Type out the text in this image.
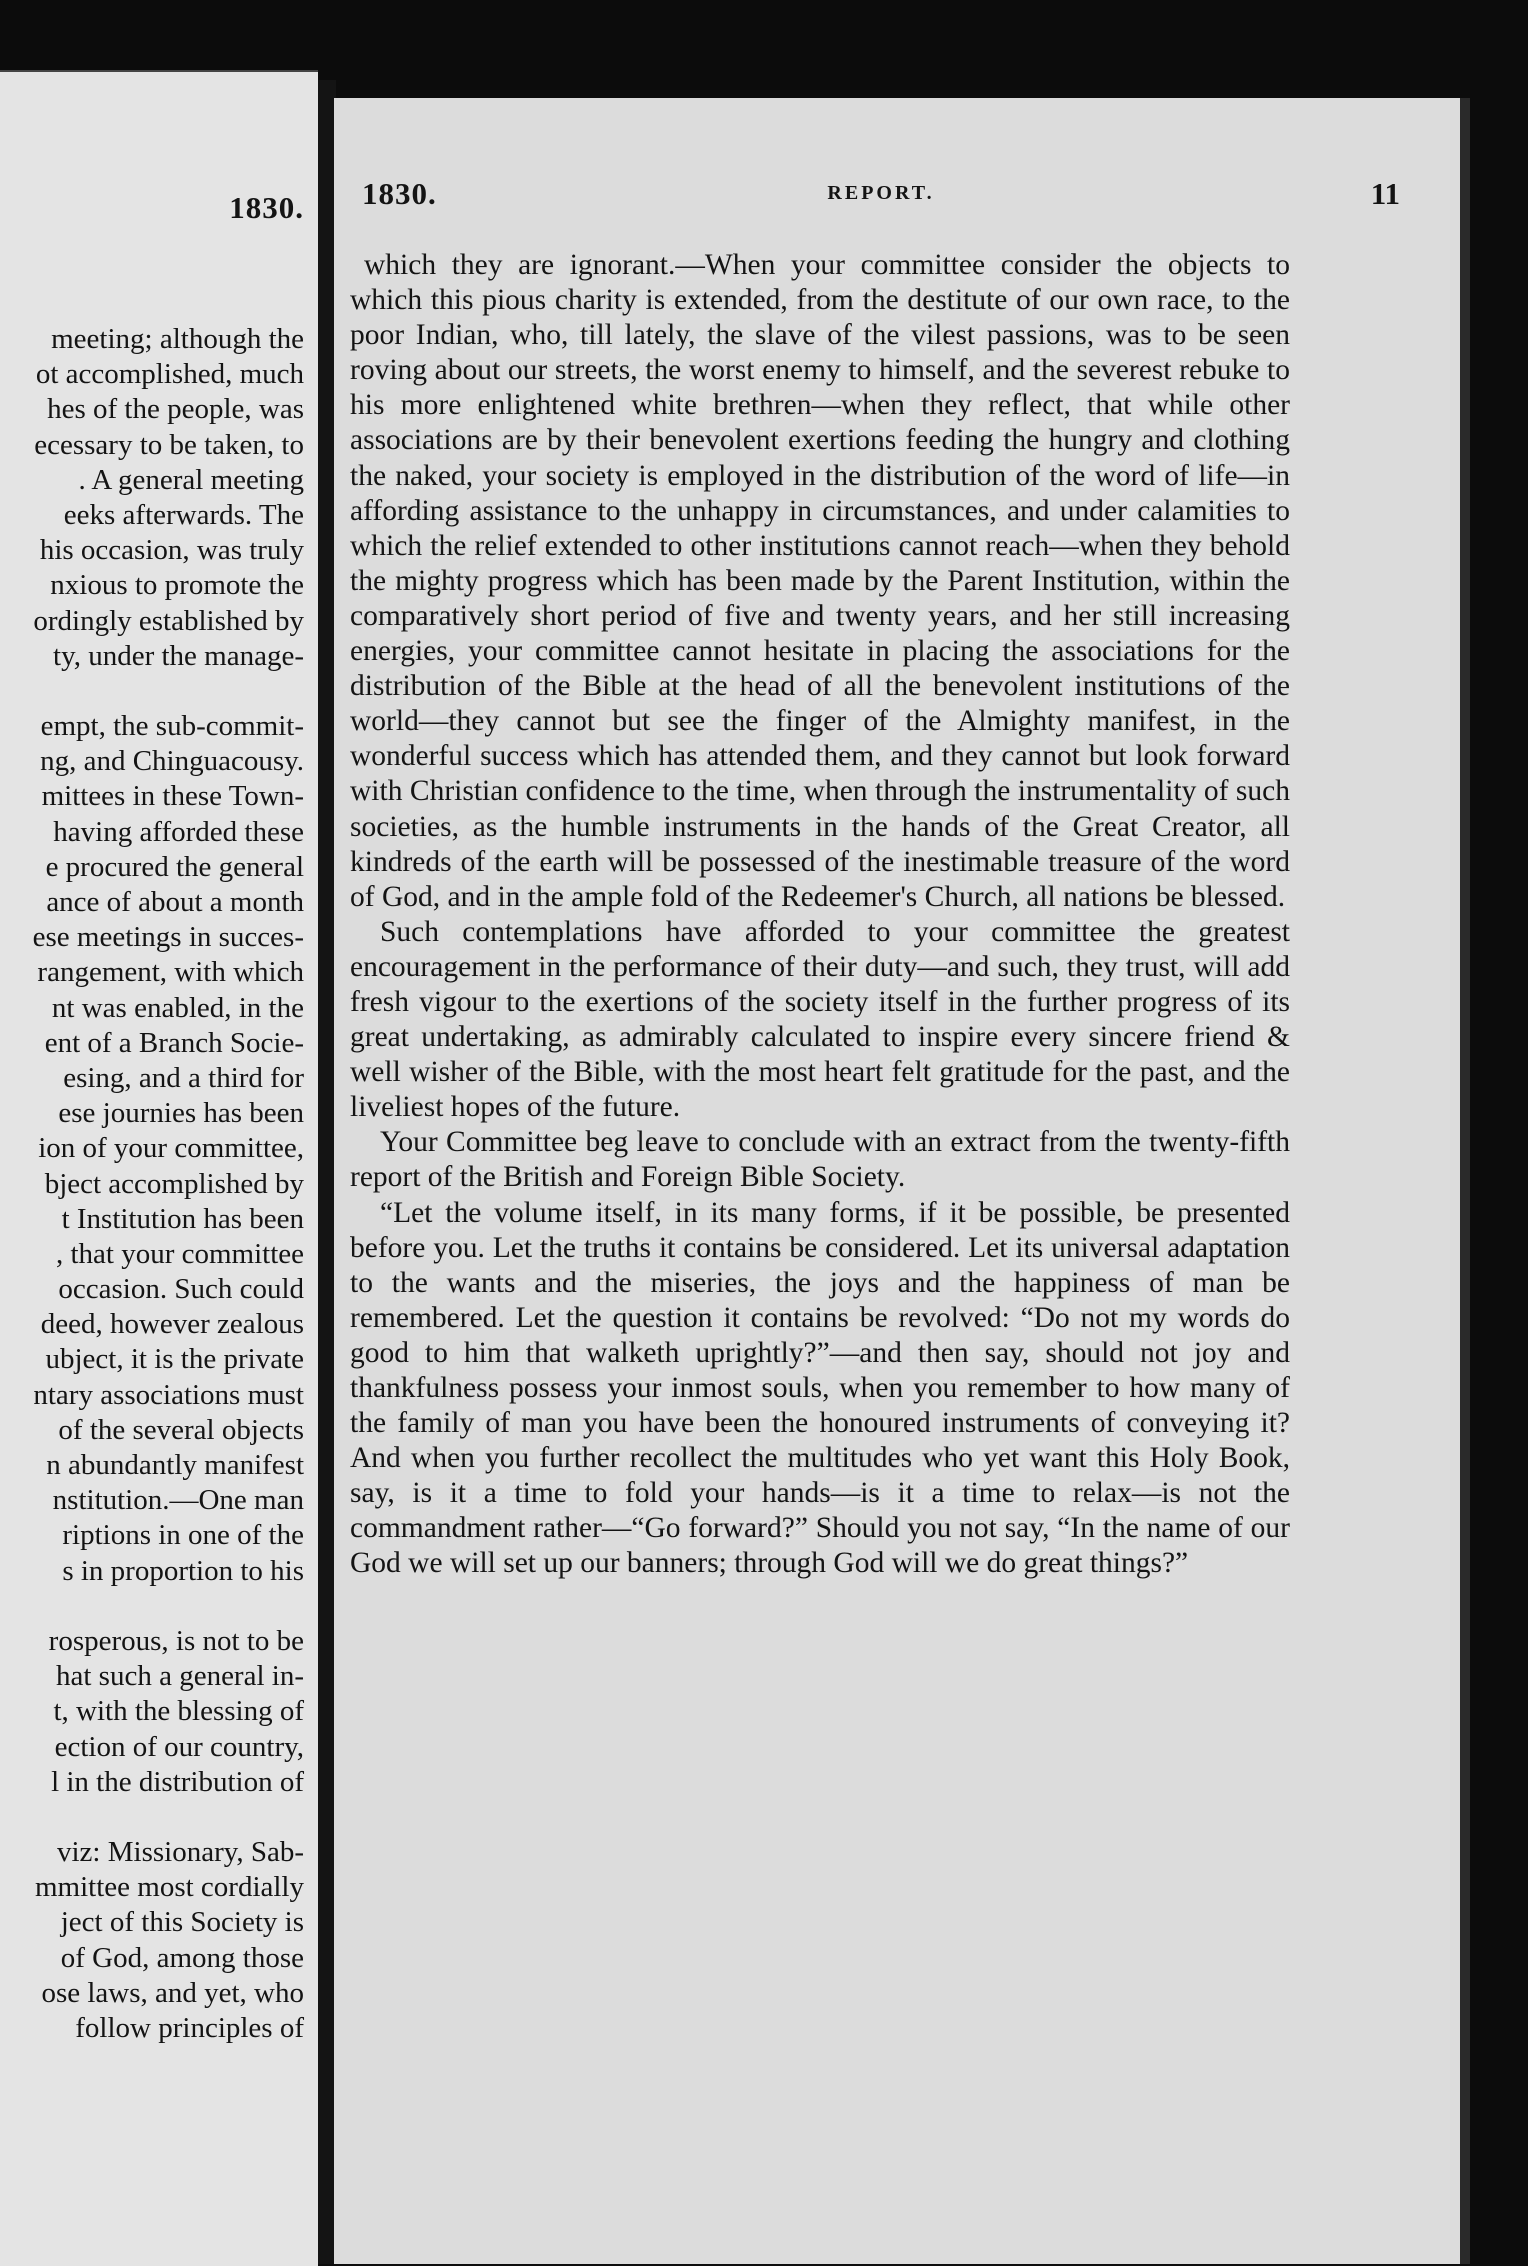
1830.
meeting; although the
ot accomplished, much
hes of the people, was
ecessary to be taken, to
. A general meeting
eeks afterwards. The
his occasion, was truly
nxious to promote the
ordingly established by
ty, under the manage-
empt, the sub-commit-
ng, and Chinguacousy.
mittees in these Town-
having afforded these
e procured the general
ance of about a month
ese meetings in succes-
rangement, with which
nt was enabled, in the
ent of a Branch Socie-
esing, and a third for
ese journies has been
ion of your committee,
bject accomplished by
t Institution has been
, that your committee
occasion. Such could
deed, however zealous
ubject, it is the private
ntary associations must
of the several objects
n abundantly manifest
nstitution.—One man
riptions in one of the
s in proportion to his
rosperous, is not to be
hat such a general in-
t, with the blessing of
ection of our country,
l in the distribution of
viz: Missionary, Sab-
mmittee most cordially
ject of this Society is
of God, among those
ose laws, and yet, who
follow principles of
1830.	REPORT.	11

which they are ignorant.—When your committee consider the objects to which this pious charity is extended, from the destitute of our own race, to the poor Indian, who, till lately, the slave of the vilest passions, was to be seen roving about our streets, the worst enemy to himself, and the severest rebuke to his more enlightened white brethren—when they reflect, that while other associations are by their benevolent exertions feeding the hungry and clothing the naked, your society is employed in the distribution of the word of life—in affording assistance to the unhappy in circumstances, and under calamities to which the relief extended to other institutions cannot reach—when they behold the mighty progress which has been made by the Parent Institution, within the comparatively short period of five and twenty years, and her still increasing energies, your committee cannot hesitate in placing the associations for the distribution of the Bible at the head of all the benevolent institutions of the world—they cannot but see the finger of the Almighty manifest, in the wonderful success which has attended them, and they cannot but look forward with Christian confidence to the time, when through the instrumentality of such societies, as the humble instruments in the hands of the Great Creator, all kindreds of the earth will be possessed of the inestimable treasure of the word of God, and in the ample fold of the Redeemer's Church, all nations be blessed.

Such contemplations have afforded to your committee the greatest encouragement in the performance of their duty—and such, they trust, will add fresh vigour to the exertions of the society itself in the further progress of its great undertaking, as admirably calculated to inspire every sincere friend & well wisher of the Bible, with the most heart felt gratitude for the past, and the liveliest hopes of the future.

Your Committee beg leave to conclude with an extract from the twenty-fifth report of the British and Foreign Bible Society.

“Let the volume itself, in its many forms, if it be possible, be presented before you. Let the truths it contains be considered. Let its universal adaptation to the wants and the miseries, the joys and the happiness of man be remembered. Let the question it contains be revolved: “Do not my words do good to him that walketh uprightly?”—and then say, should not joy and thankfulness possess your inmost souls, when you remember to how many of the family of man you have been the honoured instruments of conveying it? And when you further recollect the multitudes who yet want this Holy Book, say, is it a time to fold your hands—is it a time to relax—is not the commandment rather—“Go forward?” Should you not say, “In the name of our God we will set up our banners; through God will we do great things?”
